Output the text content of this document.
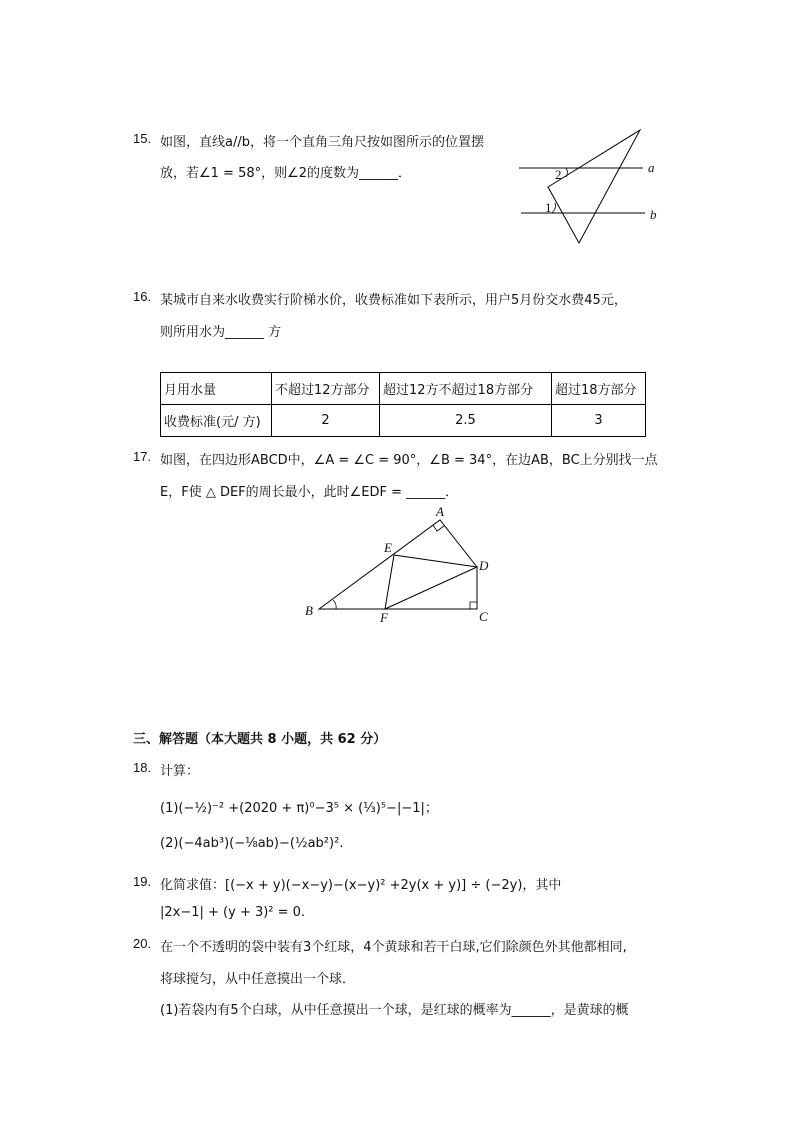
15. 如图，直线a//b，将一个直角三角尺按如图所示的位置摆
放，若∠1 = 58°，则∠2的度数为______．	a
b
2
1
16. 某城市自来水收费实行阶梯水价，收费标准如下表所示，用户5月份交水费45元，
则所用水为______ 方
月用水量	不超过12方部分	超过12方不超过18方部分	超过18方部分
收费标准(元/ 方)	2	2.5	3
17. 如图，在四边形ABCD中，∠A = ∠C = 90°，∠B = 34°，在边AB，BC上分别找一点
E，F使 △ DEF的周长最小，此时∠EDF = ______．
A
B	C
D
E
F
三、解答题（本大题共 8 小题，共 62 分）
18. 计算：
(1)(−½)⁻² +(2020 + π)⁰−3⁵ × (⅓)⁵−|−1|；
(2)(−4ab³)(−⅛ab)−(½ab²)².
19. 化简求值：[(−x + y)(−x−y)−(x−y)² +2y(x + y)] ÷ (−2y)，其中
|2x−1| + (y + 3)² = 0.
20. 在一个不透明的袋中装有3个红球，4个黄球和若干白球,它们除颜色外其他都相同,
将球搅匀，从中任意摸出一个球．
(1)若袋内有5个白球，从中任意摸出一个球，是红球的概率为______，是黄球的概
